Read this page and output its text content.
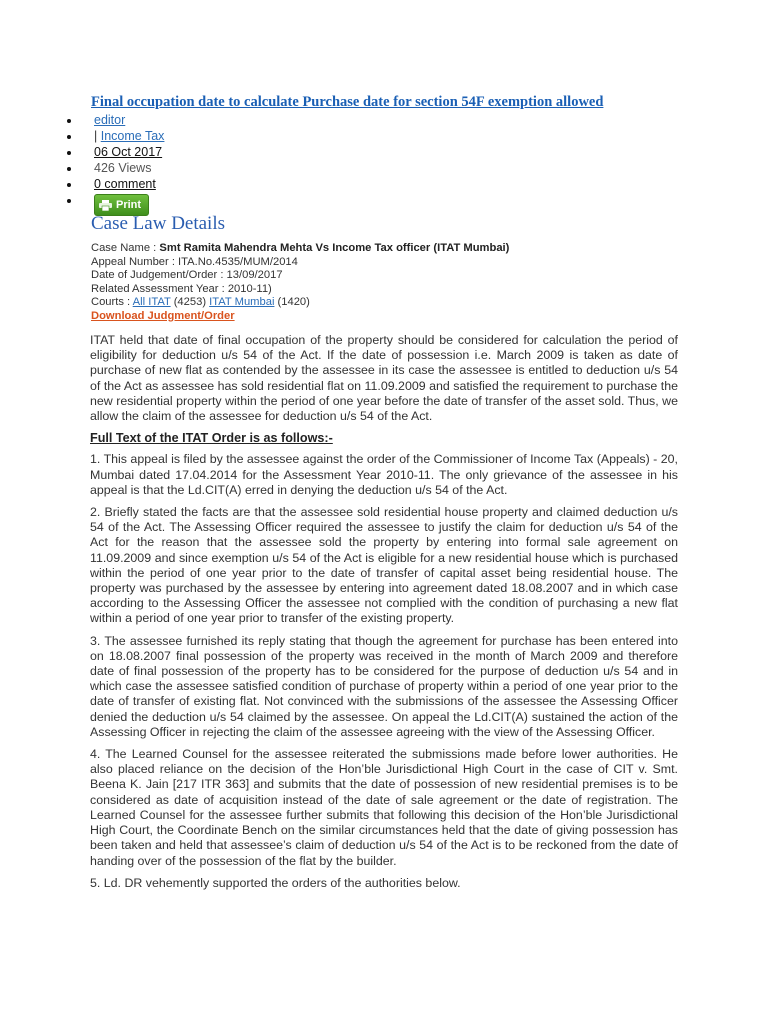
Final occupation date to calculate Purchase date for section 54F exemption allowed
editor
| Income Tax
06 Oct 2017
426 Views
0 comment
Print
Case Law Details
Case Name : Smt Ramita Mahendra Mehta Vs Income Tax officer (ITAT Mumbai)
Appeal Number : ITA.No.4535/MUM/2014
Date of Judgement/Order : 13/09/2017
Related Assessment Year : 2010-11)
Courts : All ITAT (4253) ITAT Mumbai (1420)
Download Judgment/Order

ITAT held that date of final occupation of the property should be considered for calculation the period of eligibility for deduction u/s 54 of the Act. If the date of possession i.e. March 2009 is taken as date of purchase of new flat as contended by the assessee in its case the assessee is entitled to deduction u/s 54 of the Act as assessee has sold residential flat on 11.09.2009 and satisfied the requirement to purchase the new residential property within the period of one year before the date of transfer of the asset sold. Thus, we allow the claim of the assessee for deduction u/s 54 of the Act.

Full Text of the ITAT Order is as follows:-

1. This appeal is filed by the assessee against the order of the Commissioner of Income Tax (Appeals) - 20, Mumbai dated 17.04.2014 for the Assessment Year 2010-11. The only grievance of the assessee in his appeal is that the Ld.CIT(A) erred in denying the deduction u/s 54 of the Act.

2. Briefly stated the facts are that the assessee sold residential house property and claimed deduction u/s 54 of the Act. The Assessing Officer required the assessee to justify the claim for deduction u/s 54 of the Act for the reason that the assessee sold the property by entering into formal sale agreement on 11.09.2009 and since exemption u/s 54 of the Act is eligible for a new residential house which is purchased within the period of one year prior to the date of transfer of capital asset being residential house. The property was purchased by the assessee by entering into agreement dated 18.08.2007 and in which case according to the Assessing Officer the assessee not complied with the condition of purchasing a new flat within a period of one year prior to transfer of the existing property.

3. The assessee furnished its reply stating that though the agreement for purchase has been entered into on 18.08.2007 final possession of the property was received in the month of March 2009 and therefore date of final possession of the property has to be considered for the purpose of deduction u/s 54 and in which case the assessee satisfied condition of purchase of property within a period of one year prior to the date of transfer of existing flat. Not convinced with the submissions of the assessee the Assessing Officer denied the deduction u/s 54 claimed by the assessee. On appeal the Ld.CIT(A) sustained the action of the Assessing Officer in rejecting the claim of the assessee agreeing with the view of the Assessing Officer.

4. The Learned Counsel for the assessee reiterated the submissions made before lower authorities. He also placed reliance on the decision of the Hon’ble Jurisdictional High Court in the case of CIT v. Smt. Beena K. Jain [217 ITR 363] and submits that the date of possession of new residential premises is to be considered as date of acquisition instead of the date of sale agreement or the date of registration. The Learned Counsel for the assessee further submits that following this decision of the Hon’ble Jurisdictional High Court, the Coordinate Bench on the similar circumstances held that the date of giving possession has been taken and held that assessee’s claim of deduction u/s 54 of the Act is to be reckoned from the date of handing over of the possession of the flat by the builder.

5. Ld. DR vehemently supported the orders of the authorities below.
